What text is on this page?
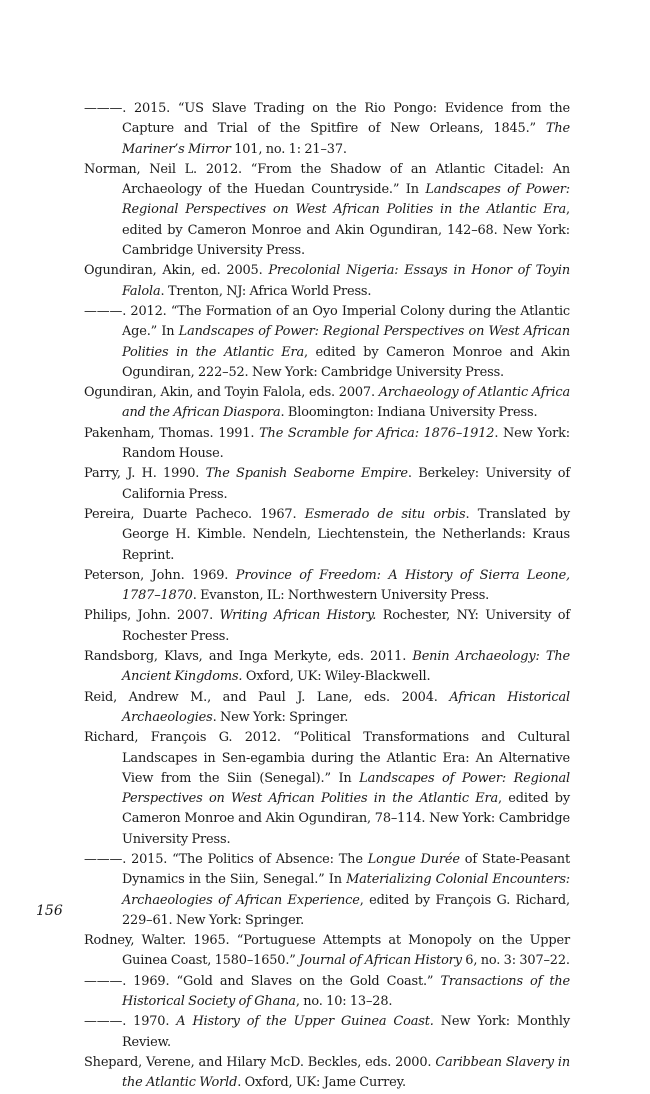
———. 2015. “US Slave Trading on the Rio Pongo: Evidence from the Capture and Trial of the Spitfire of New Orleans, 1845.” The Mariner’s Mirror 101, no. 1: 21–37.

Norman, Neil L. 2012. “From the Shadow of an Atlantic Citadel: An Archaeology of the Huedan Countryside.” In Landscapes of Power: Regional Perspectives on West African Polities in the Atlantic Era, edited by Cameron Monroe and Akin Ogundiran, 142–68. New York: Cambridge University Press.

Ogundiran, Akin, ed. 2005. Precolonial Nigeria: Essays in Honor of Toyin Falola. Trenton, NJ: Africa World Press.

———. 2012. “The Formation of an Oyo Imperial Colony during the Atlantic Age.” In Landscapes of Power: Regional Perspectives on West African Polities in the Atlantic Era, edited by Cameron Monroe and Akin Ogundiran, 222–52. New York: Cambridge University Press.

Ogundiran, Akin, and Toyin Falola, eds. 2007. Archaeology of Atlantic Africa and the African Diaspora. Bloomington: Indiana University Press.

Pakenham, Thomas. 1991. The Scramble for Africa: 1876–1912. New York: Random House.

Parry, J. H. 1990. The Spanish Seaborne Empire. Berkeley: University of California Press.

Pereira, Duarte Pacheco. 1967. Esmerado de situ orbis. Translated by George H. Kimble. Nendeln, Liechtenstein, the Netherlands: Kraus Reprint.

Peterson, John. 1969. Province of Freedom: A History of Sierra Leone, 1787–1870. Evanston, IL: Northwestern University Press.

Philips, John. 2007. Writing African History. Rochester, NY: University of Rochester Press.

Randsborg, Klavs, and Inga Merkyte, eds. 2011. Benin Archaeology: The Ancient Kingdoms. Oxford, UK: Wiley-Blackwell.

Reid, Andrew M., and Paul J. Lane, eds. 2004. African Historical Archaeologies. New York: Springer.

Richard, François G. 2012. “Political Transformations and Cultural Landscapes in Sen-egambia during the Atlantic Era: An Alternative View from the Siin (Senegal).” In Landscapes of Power: Regional Perspectives on West African Polities in the Atlantic Era, edited by Cameron Monroe and Akin Ogundiran, 78–114. New York: Cambridge University Press.

———. 2015. “The Politics of Absence: The Longue Durée of State-Peasant Dynamics in the Siin, Senegal.” In Materializing Colonial Encounters: Archaeologies of African Experience, edited by François G. Richard, 229–61. New York: Springer.

Rodney, Walter. 1965. “Portuguese Attempts at Monopoly on the Upper Guinea Coast, 1580–1650.” Journal of African History 6, no. 3: 307–22.

———. 1969. “Gold and Slaves on the Gold Coast.” Transactions of the Historical Society of Ghana, no. 10: 13–28.

———. 1970. A History of the Upper Guinea Coast. New York: Monthly Review.

Shepard, Verene, and Hilary McD. Beckles, eds. 2000. Caribbean Slavery in the Atlantic World. Oxford, UK: Jame Currey.

156
